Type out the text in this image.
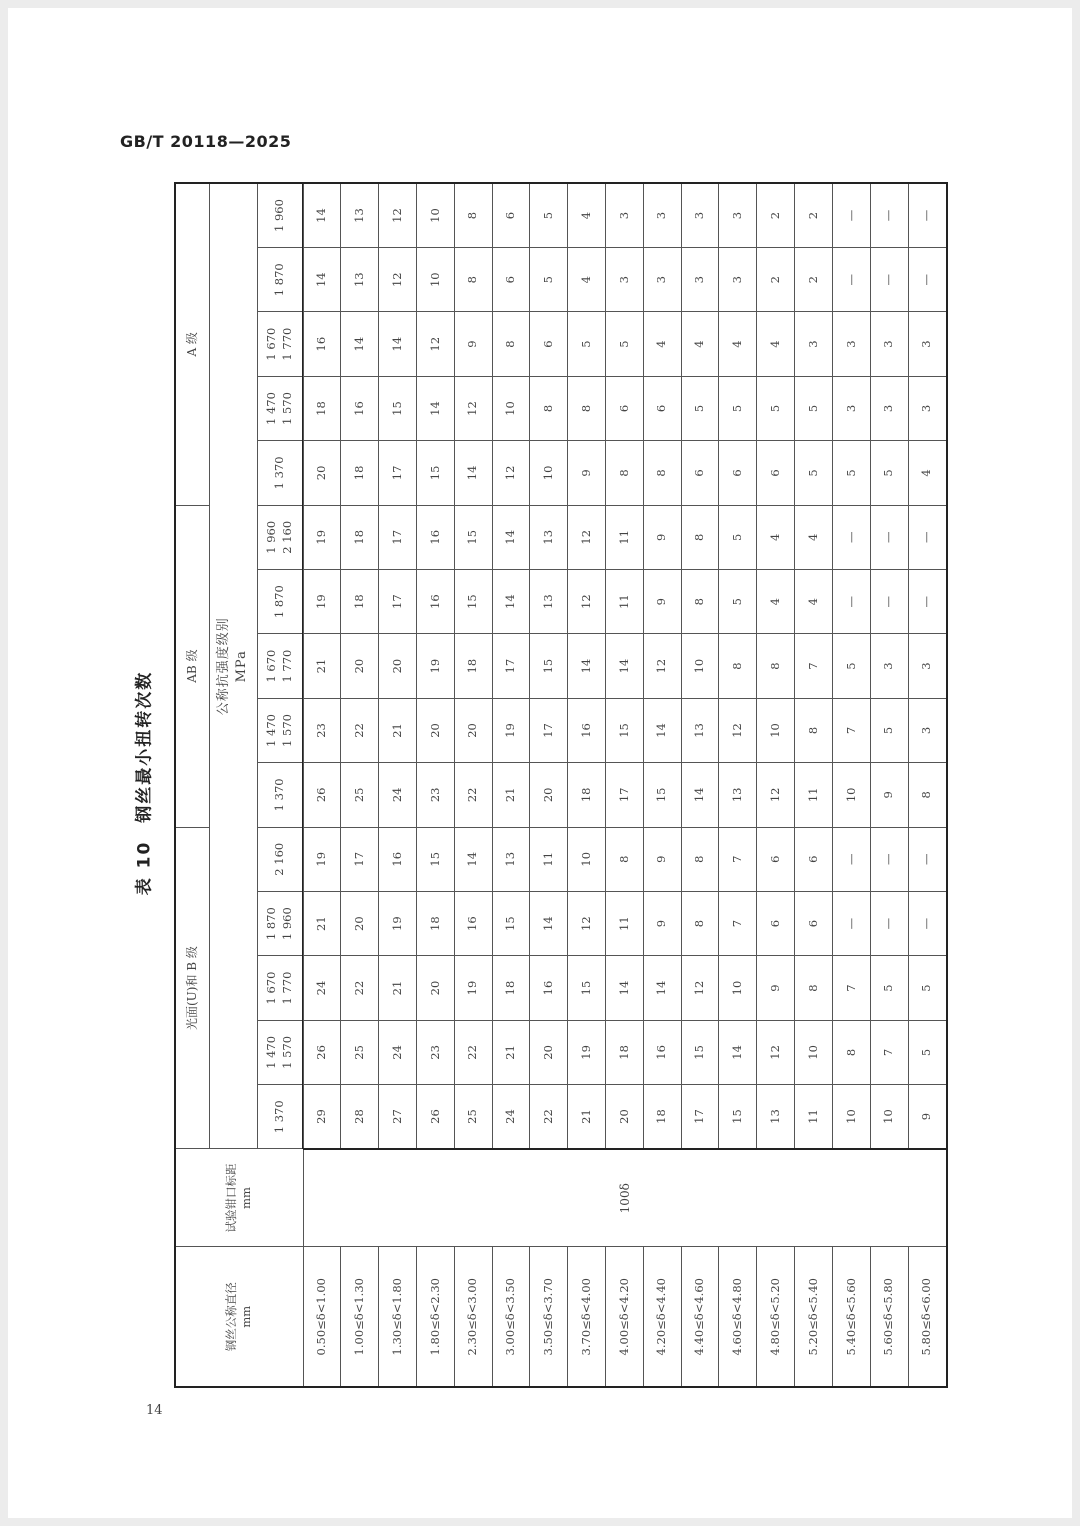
GB/T 20118—2025
表 10钢丝最小扭转次数
钢丝公称直径 mm	试验钳口标距 mm	光面(U)和 B 级					AB 级					A 级				
		公称抗强度级别 MPa														
		1 370	1 470 1 570	1 670 1 770	1 870 1 960	2 160	1 370	1 470 1 570	1 670 1 770	1 870	1 960 2 160	1 370	1 470 1 570	1 670 1 770	1 870	1 960

0.50≤δ<1.00	100δ	29	26	24	21	19	26	23	21	19	19	20	18	16	14	14
1.00≤δ<1.30		28	25	22	20	17	25	22	20	18	18	18	16	14	13	13
1.30≤δ<1.80		27	24	21	19	16	24	21	20	17	17	17	15	14	12	12
1.80≤δ<2.30		26	23	20	18	15	23	20	19	16	16	15	14	12	10	10
2.30≤δ<3.00		25	22	19	16	14	22	20	18	15	15	14	12	9	8	8
3.00≤δ<3.50		24	21	18	15	13	21	19	17	14	14	12	10	8	6	6
3.50≤δ<3.70		22	20	16	14	11	20	17	15	13	13	10	8	6	5	5
3.70≤δ<4.00		21	19	15	12	10	18	16	14	12	12	9	8	5	4	4
4.00≤δ<4.20		20	18	14	11	8	17	15	14	11	11	8	6	5	3	3
4.20≤δ<4.40		18	16	14	9	9	15	14	12	9	9	8	6	4	3	3
4.40≤δ<4.60		17	15	12	8	8	14	13	10	8	8	6	5	4	3	3
4.60≤δ<4.80		15	14	10	7	7	13	12	8	5	5	6	5	4	3	3
4.80≤δ<5.20		13	12	9	6	6	12	10	8	4	4	6	5	4	2	2
5.20≤δ<5.40		11	10	8	6	6	11	8	7	4	4	5	5	3	2	2
5.40≤δ<5.60		10	8	7	—	—	10	7	5	—	—	5	3	3	—	—
5.60≤δ<5.80		10	7	5	—	—	9	5	3	—	—	5	3	3	—	—
5.80≤δ<6.00		9	5	5	—	—	8	3	3	—	—	4	3	3	—	—
14
